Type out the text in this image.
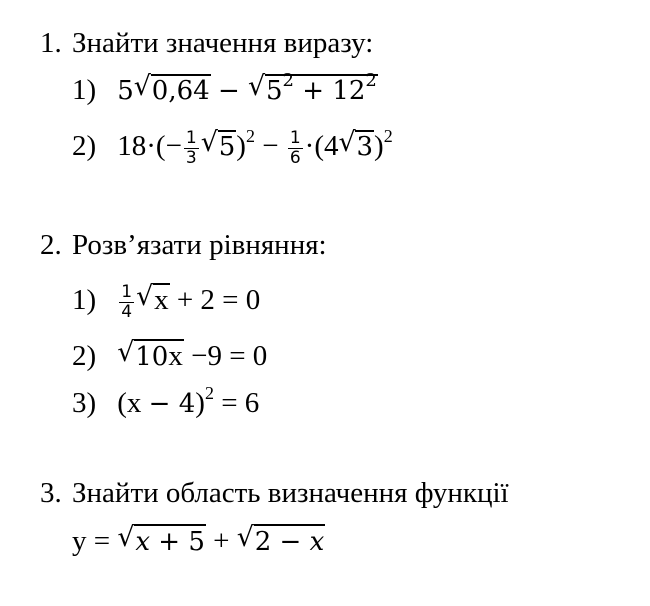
1. Знайти значення виразу:
1) 5 √ 0,64 − √ $5^2 + 12^2$
2) $18\cdot(- \frac{1}{3}$ √ $5)^2 - \frac{1}{6} \cdot(4$ √ 3)$^2$
2. Розв’язати рівняння:
$1) \frac{1}{4}$ √ x + 2 = 0
2) √ 10x −9 = 0
3) $(x - 4)^2 = 6$
3. Знайти область визначення функції
y = √ x + 5 + √ 2 − x
